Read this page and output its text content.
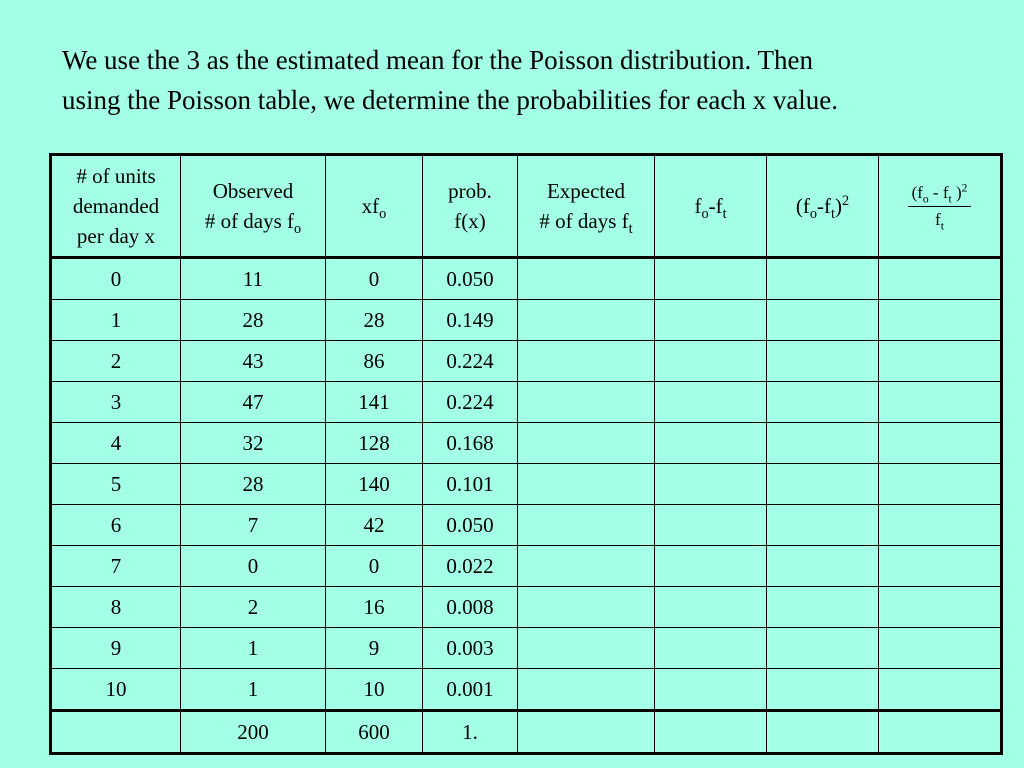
We use the 3 as the estimated mean for the Poisson distribution. Then
using the Poisson table, we determine the probabilities for each x value.

# of units
demanded
per day x	Observed
# of days $f_o$	$xf_o$	prob.
f(x)	Expected
# of days $f_t$	$f_o-f_t$	$(f_o-f_t)^2$	$\frac{(f_o - f_t )^2}{f_t}$

0	11	0	0.050				
1	28	28	0.149				
2	43	86	0.224				
3	47	141	0.224				
4	32	128	0.168				
5	28	140	0.101				
6	7	42	0.050				
7	0	0	0.022				
8	2	16	0.008				
9	1	9	0.003				
10	1	10	0.001				
	200	600	1.				
